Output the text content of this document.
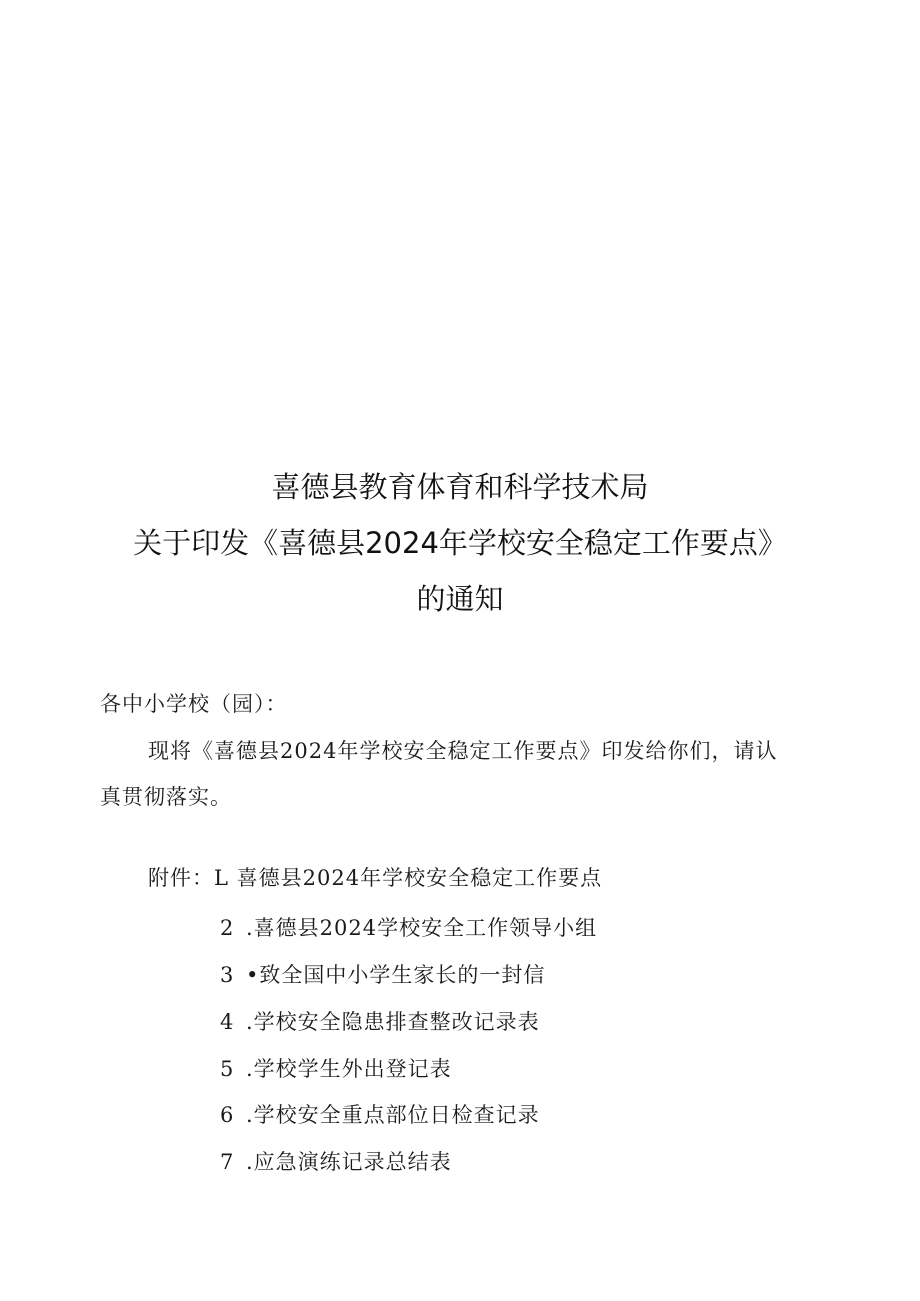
喜德县教育体育和科学技术局
关于印发《喜德县2024年学校安全稳定工作要点》
的通知
各中小学校（园）：
现将《喜德县2024年学校安全稳定工作要点》印发给你们，请认
真贯彻落实。
附件：L 喜德县2024年学校安全稳定工作要点
2 .喜德县2024学校安全工作领导小组
3 •致全国中小学生家长的一封信
4 .学校安全隐患排查整改记录表
5 .学校学生外出登记表
6 .学校安全重点部位日检查记录
7 .应急演练记录总结表
